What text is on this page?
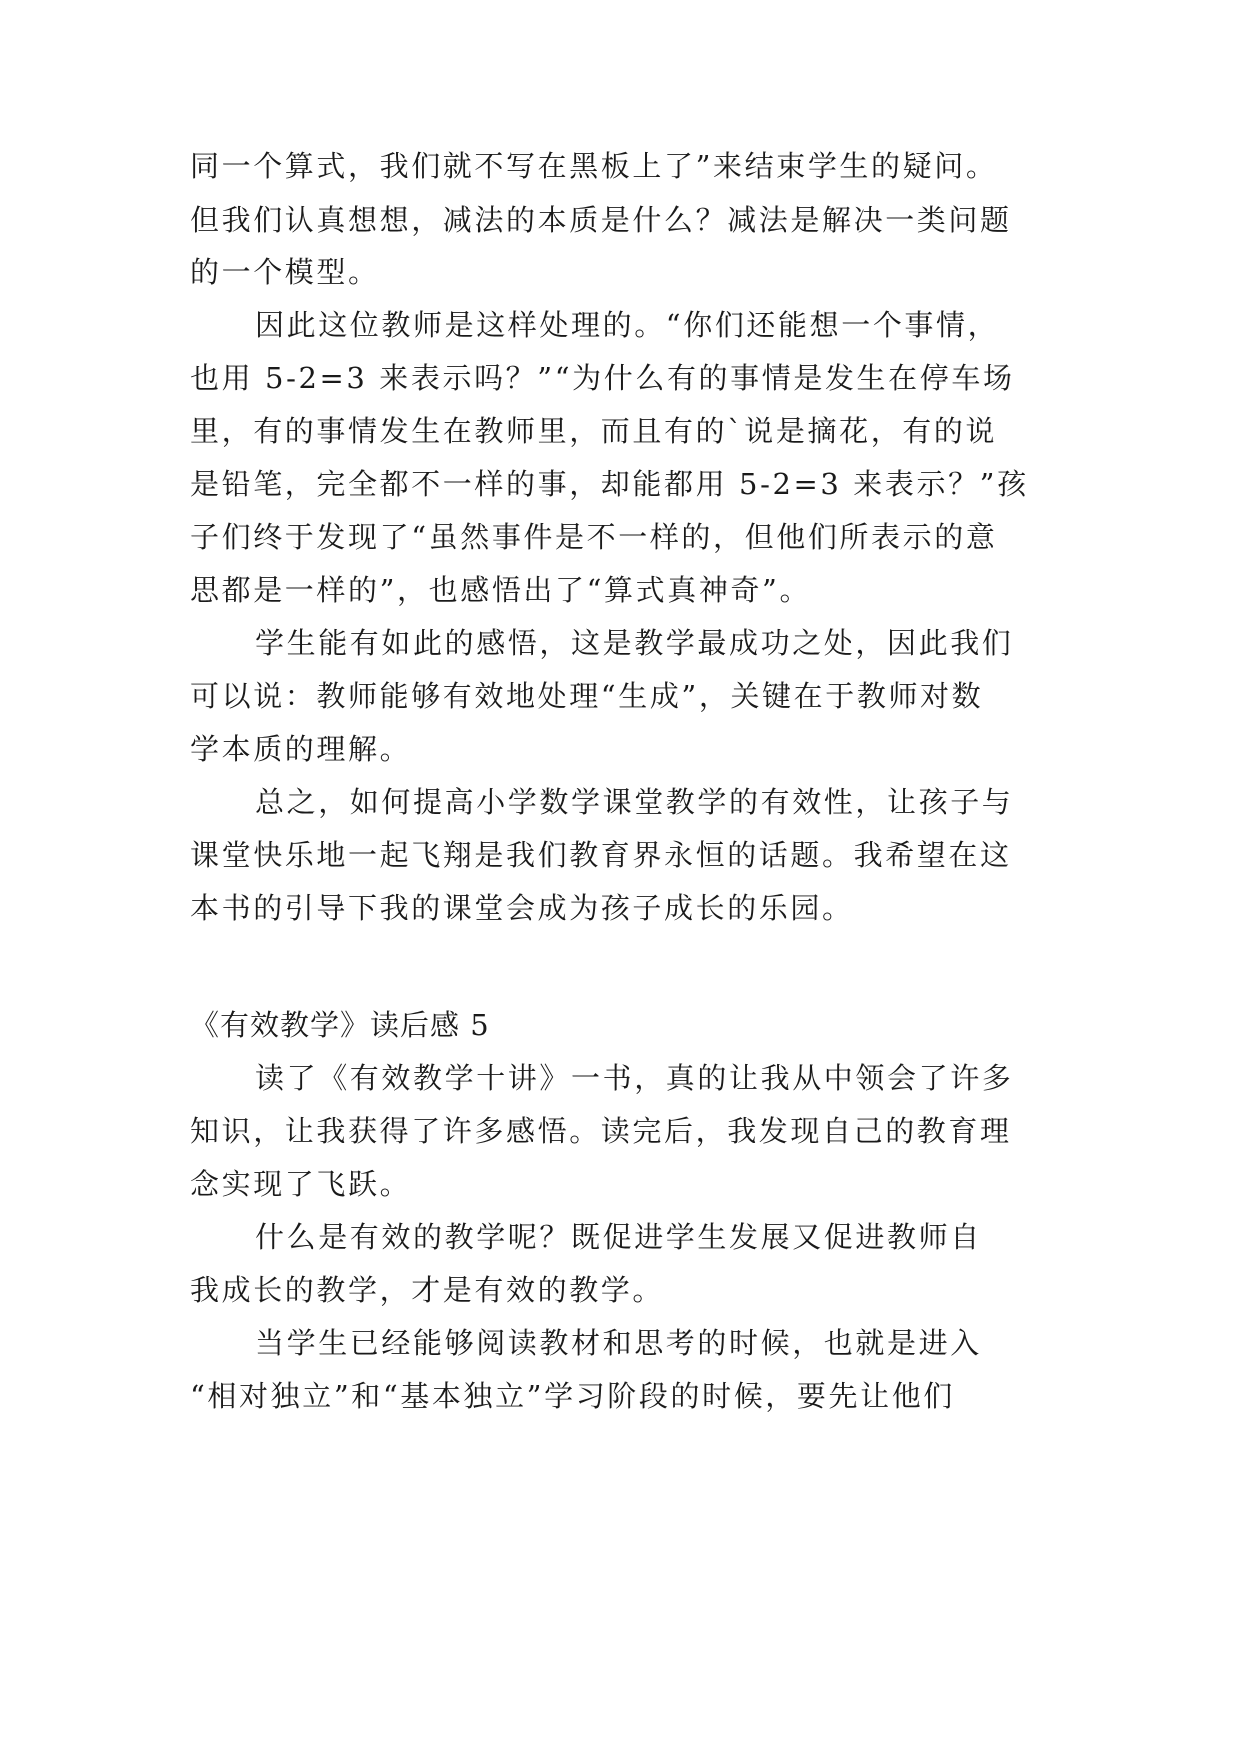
同一个算式，我们就不写在黑板上了”来结束学生的疑问。
但我们认真想想，减法的本质是什么？减法是解决一类问题
的一个模型。
因此这位教师是这样处理的。“你们还能想一个事情，
也用 5-2=3 来表示吗？”“为什么有的事情是发生在停车场
里，有的事情发生在教师里，而且有的`说是摘花，有的说
是铅笔，完全都不一样的事，却能都用 5-2=3 来表示？”孩
子们终于发现了“虽然事件是不一样的，但他们所表示的意
思都是一样的”，也感悟出了“算式真神奇”。
学生能有如此的感悟，这是教学最成功之处，因此我们
可以说：教师能够有效地处理“生成”，关键在于教师对数
学本质的理解。
总之，如何提高小学数学课堂教学的有效性，让孩子与
课堂快乐地一起飞翔是我们教育界永恒的话题。我希望在这
本书的引导下我的课堂会成为孩子成长的乐园。
《有效教学》读后感 5
读了《有效教学十讲》一书，真的让我从中领会了许多
知识，让我获得了许多感悟。读完后，我发现自己的教育理
念实现了飞跃。
什么是有效的教学呢？既促进学生发展又促进教师自
我成长的教学，才是有效的教学。
当学生已经能够阅读教材和思考的时候，也就是进入
“相对独立”和“基本独立”学习阶段的时候，要先让他们
